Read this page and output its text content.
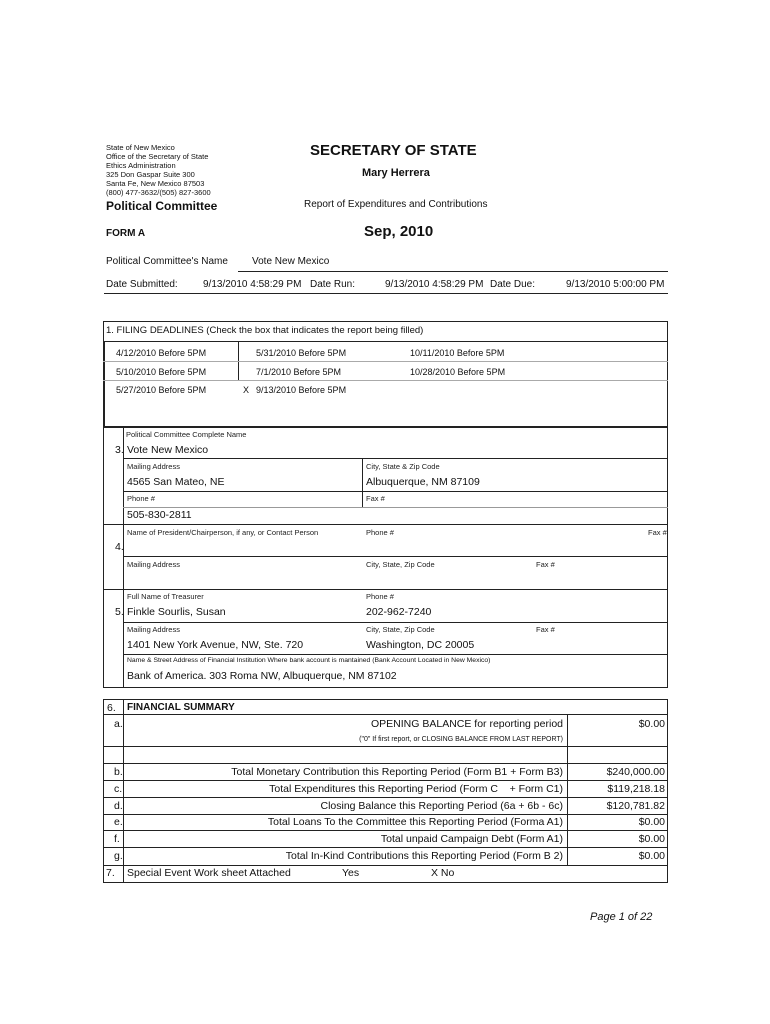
State of New Mexico
Office of the Secretary of State
Ethics Administration
325 Don Gaspar Suite 300
Santa Fe, New Mexico 87503
(800) 477-3632/(505) 827-3600
SECRETARY OF STATE
Mary Herrera
Political Committee	Report of Expenditures and Contributions
FORM A	Sep, 2010
Political Committee's Name Vote New Mexico
Date Submitted:	9/13/2010 4:58:29 PM Date Run:	9/13/2010 4:58:29 PM Date Due:	9/13/2010 5:00:00 PM
1. FILING DEADLINES (Check the box that indicates the report being filled)
4/12/2010 Before 5PM	5/31/2010 Before 5PM	10/11/2010 Before 5PM
5/10/2010 Before 5PM	7/1/2010 Before 5PM	10/28/2010 Before 5PM
5/27/2010 Before 5PM	X 9/13/2010 Before 5PM
Political Committee Complete Name
3. Vote New Mexico
Mailing Address	City, State & Zip Code
4565 San Mateo, NE	Albuquerque, NM 87109
Phone #	Fax #
505-830-2811
Name of President/Chairperson, if any, or Contact Person	Phone #	Fax #
4.
Mailing Address	City, State, Zip Code	Fax #
Full Name of Treasurer	Phone #
5. Finkle Sourlis, Susan	202-962-7240
Mailing Address	City, State, Zip Code	Fax #
1401 New York Avenue, NW, Ste. 720	Washington, DC 20005
Name & Street Address of Financial Institution Where bank account is mantained (Bank Account Located in New Mexico)
Bank of America. 303 Roma NW, Albuquerque, NM 87102
6. FINANCIAL SUMMARY
a.	OPENING BALANCE for reporting period	$0.00
("0" If first report, or CLOSING BALANCE FROM LAST REPORT)
b.	Total Monetary Contribution this Reporting Period (Form B1 + Form B3)	$240,000.00
c.	Total Expenditures this Reporting Period (Form C    + Form C1)	$119,218.18
d.	Closing Balance this Reporting Period (6a + 6b - 6c)	$120,781.82
e.	Total Loans To the Committee this Reporting Period (Forma A1)	$0.00
f.	Total unpaid Campaign Debt (Form A1)	$0.00
g.	Total In-Kind Contributions this Reporting Period (Form B 2)	$0.00
7. Special Event Work sheet Attached	Yes	X No
Page 1 of 22
